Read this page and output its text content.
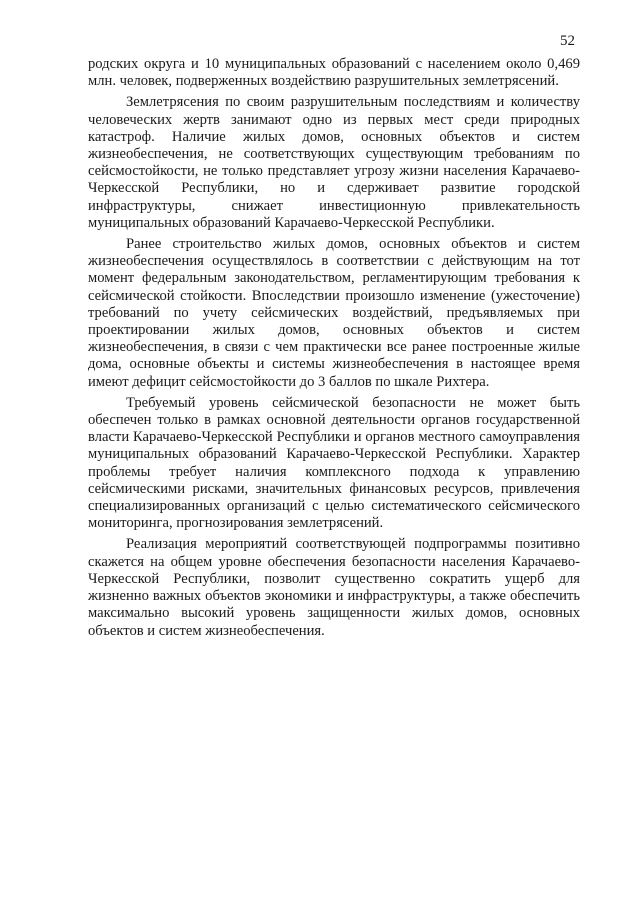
52

родских округа и 10 муниципальных образований с населением около 0,469 млн. человек, подверженных воздействию разрушительных землетрясений.

Землетрясения по своим разрушительным последствиям и количеству человеческих жертв занимают одно из первых мест среди природных катастроф. Наличие жилых домов, основных объектов и систем жизнеобеспечения, не соответствующих существующим требованиям по сейсмостойкости, не только представляет угрозу жизни населения Карачаево-Черкесской Республики, но и сдерживает развитие городской инфраструктуры, снижает инвестиционную привлекательность муниципальных образований Карачаево-Черкесской Республики.

Ранее строительство жилых домов, основных объектов и систем жизнеобеспечения осуществлялось в соответствии с действующим на тот момент федеральным законодательством, регламентирующим требования к сейсмической стойкости. Впоследствии произошло изменение (ужесточение) требований по учету сейсмических воздействий, предъявляемых при проектировании жилых домов, основных объектов и систем жизнеобеспечения, в связи с чем практически все ранее построенные жилые дома, основные объекты и системы жизнеобеспечения в настоящее время имеют дефицит сейсмостойкости до 3 баллов по шкале Рихтера.

Требуемый уровень сейсмической безопасности не может быть обеспечен только в рамках основной деятельности органов государственной власти Карачаево-Черкесской Республики и органов местного самоуправления муниципальных образований Карачаево-Черкесской Республики. Характер проблемы требует наличия комплексного подхода к управлению сейсмическими рисками, значительных финансовых ресурсов, привлечения специализированных организаций с целью систематического сейсмического мониторинга, прогнозирования землетрясений.

Реализация мероприятий соответствующей подпрограммы позитивно скажется на общем уровне обеспечения безопасности населения Карачаево-Черкесской Республики, позволит существенно сократить ущерб для жизненно важных объектов экономики и инфраструктуры, а также обеспечить максимально высокий уровень защищенности жилых домов, основных объектов и систем жизнеобеспечения.
